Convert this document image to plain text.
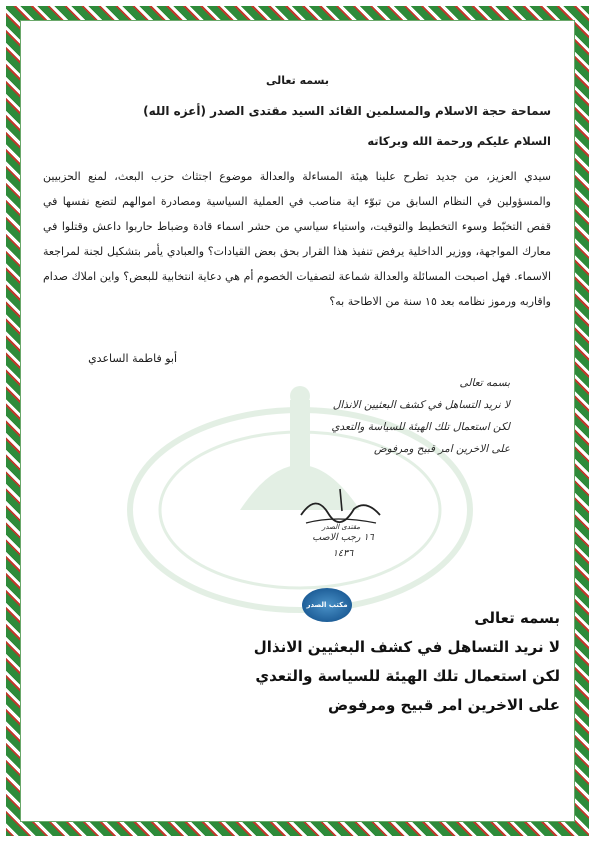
بسمه تعالى
سماحة حجة الاسلام والمسلمين القائد السيد مقتدى الصدر (أعزه الله)
السلام عليكم ورحمة الله وبركاته
سيدي العزيز، من جديد تطرح علينا هيئة المساءلة والعدالة موضوع اجتثاث حزب البعث، لمنع الحزبيين والمسؤولين في النظام السابق من تبوّء اية مناصب في العملية السياسية ومصادرة اموالهم لتضع نفسها في قفص التخبّط وسوء التخطيط والتوقيت، واستياء سياسي من حشر اسماء قادة وضباط حاربوا داعش وقتلوا في معارك المواجهة، ووزير الداخلية يرفض تنفيذ هذا القرار بحق بعض القيادات؟ والعبادي يأمر بتشكيل لجنة لمراجعة الاسماء. فهل اصبحت المسائلة والعدالة شماعة لتصفيات الخصوم أم هي دعاية انتخابية للبعض؟ واين املاك صدام واقاربه ورموز نظامه بعد ١٥ سنة من الاطاحة به؟
أبو فاطمة الساعدي
بسمه تعالى
لا نريد التساهل في كشف البعثيين الانذال
لكن استعمال تلك الهيئة للسياسة والتعدي
على الاخرين امر قبيح ومرفوض
مقتدى الصدر
١٦ رجب الاصب
١٤٣٦
مكتب الصدر
بسمه تعالى
لا نريد التساهل في كشف البعثيين الانذال
لكن استعمال تلك الهيئة للسياسة والتعدي
على الاخرين امر قبيح ومرفوض
